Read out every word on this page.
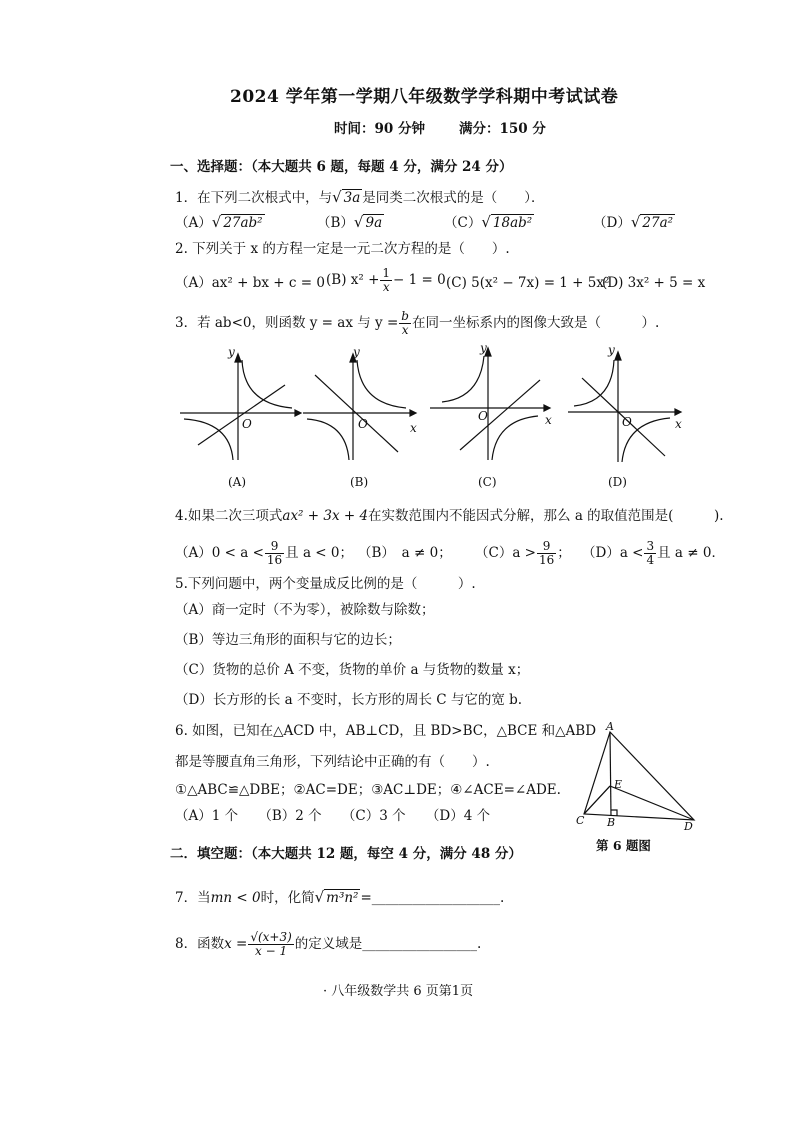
2024 学年第一学期八年级数学学科期中考试试卷
时间：90 分钟	满分：150 分
一、选择题：（本大题共 6 题，每题 4 分，满分 24 分）
1．在下列二次根式中，与√ 3a 是同类二次根式的是（　　）．
（A）√ 27ab²	（B）√ 9a	（C）√ 18ab²	（D）√ 27a²
2. 下列关于 x 的方程一定是一元二次方程的是（　　）.
（A）ax² + bx + c = 0 (B) $x^2 + \frac{1}{x} - 1 = 0$ (C) 5(x² − 7x) = 1 + 5x²
(D) 3x² + 5 = x
3．若 ab<0，则函数 y = ax 与 $y = \frac{b}{x}$ 在同一坐标系内的图像大致是（　　　）.
y
O
y
O	x
y
O	x
y
O	x
(A)	(B)	(C)	(D)
4.如果二次三项式ax² + 3x + 4在实数范围内不能因式分解，那么 a 的取值范围是(　　　).
$(A)0 < a < \frac{9}{16}$ 且 a < 0； （B）　a ≠ 0； $(C)a > \frac{9}{16}$ ； $(D)a < \frac{3}{4}$ 且 a ≠ 0．
5.下列问题中，两个变量成反比例的是（　　　）.
（A）商一定时（不为零），被除数与除数；
（B）等边三角形的面积与它的边长；
（C）货物的总价 A 不变，货物的单价 a 与货物的数量 x；
（D）长方形的长 a 不变时，长方形的周长 C 与它的宽 b.
6. 如图，已知在△ACD 中，AB⊥CD，且 BD>BC，△BCE 和△ABD
都是等腰直角三角形，下列结论中正确的有（　　）.
①△ABC≌△DBE；②AC=DE；③AC⊥DE；④∠ACE=∠ADE.
（A）1 个　　（B）2 个　　（C）3 个　　（D）4 个
A
B
C	D
E
第 6 题图
二．填空题：（本大题共 12 题，每空 4 分，满分 48 分）
7．当mn < 0时，化简√ m³n² =___________________.
8．函数$x = \frac{√(x+3)}{x - 1}$ 的定义域是_________________.
· 八年级数学共 6 页第1页
